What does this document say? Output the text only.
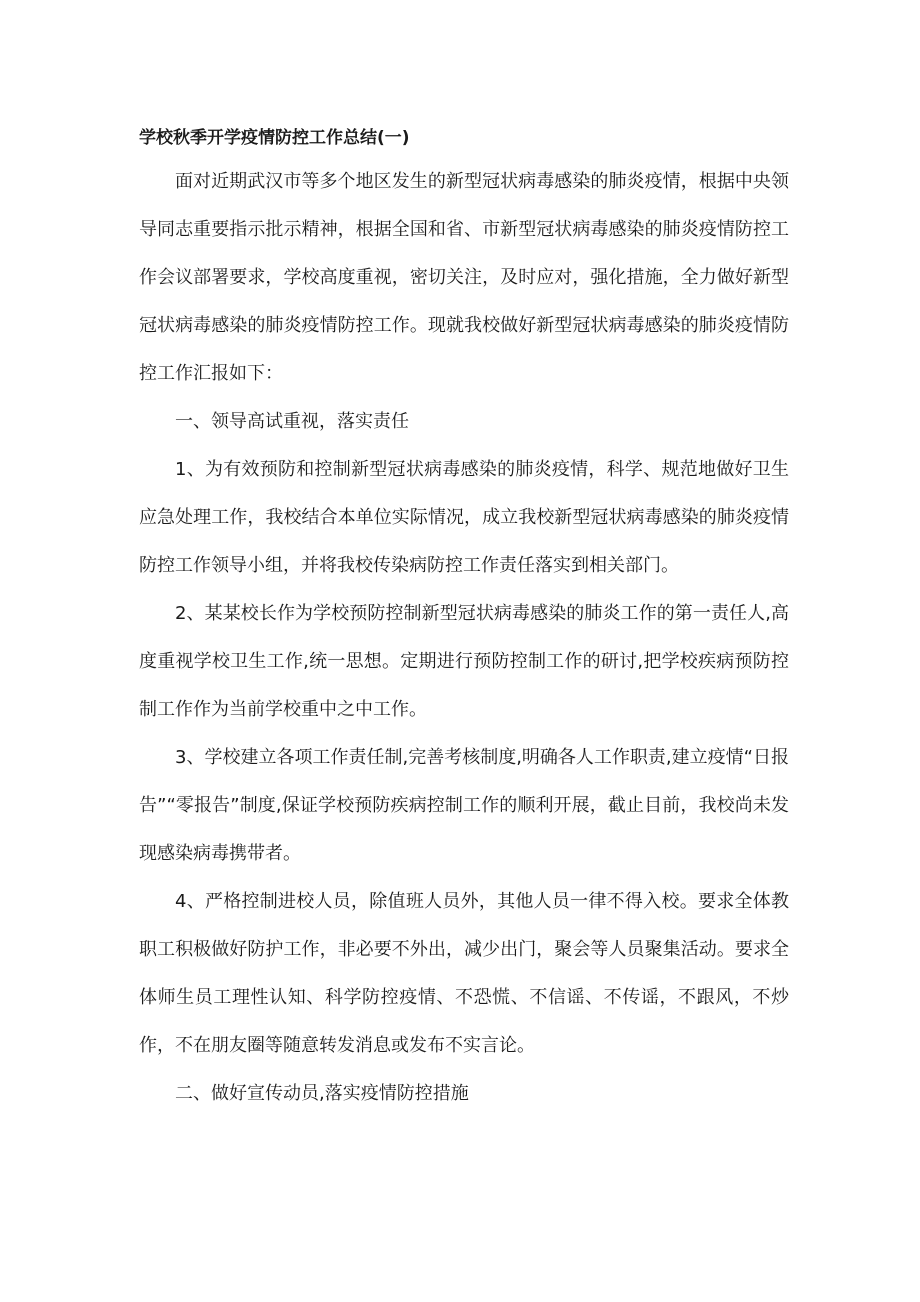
学校秋季开学疫情防控工作总结(一)

面对近期武汉市等多个地区发生的新型冠状病毒感染的肺炎疫情，根据中央领导同志重要指示批示精神，根据全国和省、市新型冠状病毒感染的肺炎疫情防控工作会议部署要求，学校高度重视，密切关注，及时应对，强化措施，全力做好新型冠状病毒感染的肺炎疫情防控工作。现就我校做好新型冠状病毒感染的肺炎疫情防控工作汇报如下：

一、领导高试重视，落实责任

1、为有效预防和控制新型冠状病毒感染的肺炎疫情，科学、规范地做好卫生应急处理工作，我校结合本单位实际情况，成立我校新型冠状病毒感染的肺炎疫情防控工作领导小组，并将我校传染病防控工作责任落实到相关部门。

2、某某校长作为学校预防控制新型冠状病毒感染的肺炎工作的第一责任人,高度重视学校卫生工作,统一思想。定期进行预防控制工作的研讨,把学校疾病预防控制工作作为当前学校重中之中工作。

3、学校建立各项工作责任制,完善考核制度,明确各人工作职责,建立疫情“日报告”“零报告”制度,保证学校预防疾病控制工作的顺利开展，截止目前，我校尚未发现感染病毒携带者。

4、严格控制进校人员，除值班人员外，其他人员一律不得入校。要求全体教职工积极做好防护工作，非必要不外出，减少出门，聚会等人员聚集活动。要求全体师生员工理性认知、科学防控疫情、不恐慌、不信谣、不传谣，不跟风，不炒作，不在朋友圈等随意转发消息或发布不实言论。

二、做好宣传动员,落实疫情防控措施
